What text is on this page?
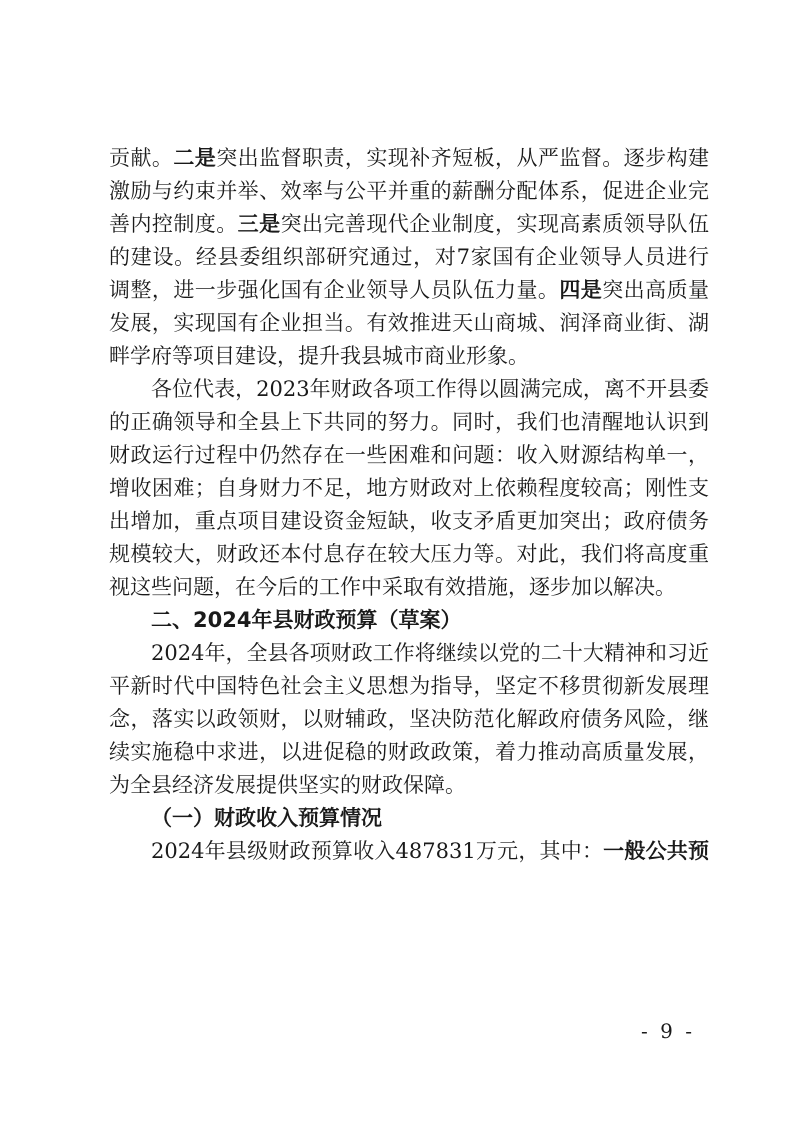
贡献。二是突出监督职责，实现补齐短板，从严监督。逐步构建
激励与约束并举、效率与公平并重的薪酬分配体系，促进企业完
善内控制度。三是突出完善现代企业制度，实现高素质领导队伍
的建设。经县委组织部研究通过，对7家国有企业领导人员进行
调整，进一步强化国有企业领导人员队伍力量。四是突出高质量
发展，实现国有企业担当。有效推进天山商城、润泽商业街、湖
畔学府等项目建设，提升我县城市商业形象。
各位代表，2023年财政各项工作得以圆满完成，离不开县委
的正确领导和全县上下共同的努力。同时，我们也清醒地认识到
财政运行过程中仍然存在一些困难和问题：收入财源结构单一，
增收困难；自身财力不足，地方财政对上依赖程度较高；刚性支
出增加，重点项目建设资金短缺，收支矛盾更加突出；政府债务
规模较大，财政还本付息存在较大压力等。对此，我们将高度重
视这些问题，在今后的工作中采取有效措施，逐步加以解决。
二、2024年县财政预算（草案）
2024年，全县各项财政工作将继续以党的二十大精神和习近
平新时代中国特色社会主义思想为指导，坚定不移贯彻新发展理
念，落实以政领财，以财辅政，坚决防范化解政府债务风险，继
续实施稳中求进，以进促稳的财政政策，着力推动高质量发展，
为全县经济发展提供坚实的财政保障。
（一）财政收入预算情况
2024年县级财政预算收入487831万元，其中：一般公共预
- 9 -
